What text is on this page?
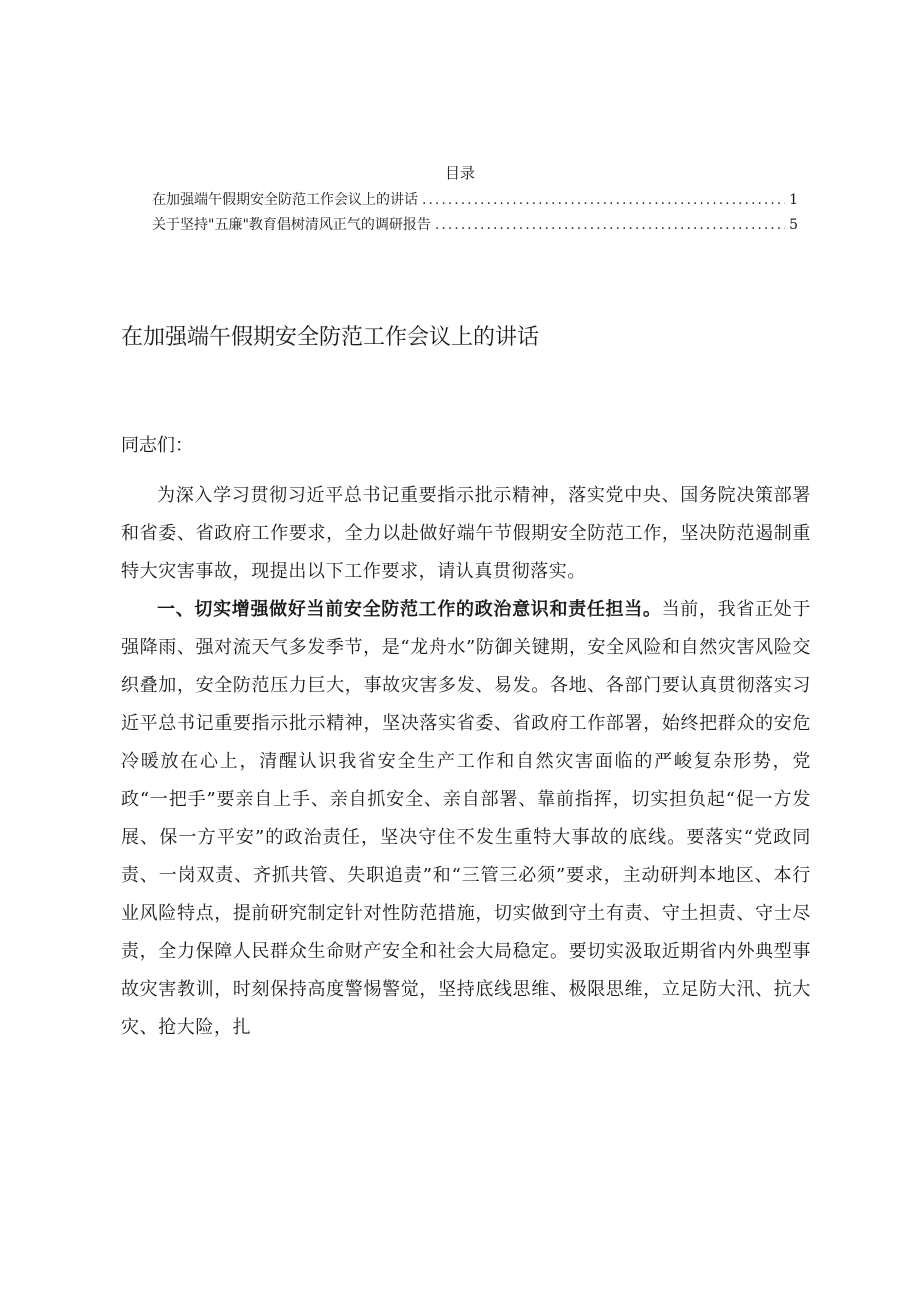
目录
在加强端午假期安全防范工作会议上的讲话 .....	1
关于坚持"五廉"教育倡树清风正气的调研报告 .....	5
在加强端午假期安全防范工作会议上的讲话
同志们：

为深入学习贯彻习近平总书记重要指示批示精神，落实党中央、国务院决策部署和省委、省政府工作要求，全力以赴做好端午节假期安全防范工作，坚决防范遏制重特大灾害事故，现提出以下工作要求，请认真贯彻落实。

一、切实增强做好当前安全防范工作的政治意识和责任担当。当前，我省正处于强降雨、强对流天气多发季节，是“龙舟水”防御关键期，安全风险和自然灾害风险交织叠加，安全防范压力巨大，事故灾害多发、易发。各地、各部门要认真贯彻落实习近平总书记重要指示批示精神，坚决落实省委、省政府工作部署，始终把群众的安危冷暖放在心上，清醒认识我省安全生产工作和自然灾害面临的严峻复杂形势，党政“一把手”要亲自上手、亲自抓安全、亲自部署、靠前指挥，切实担负起“促一方发展、保一方平安”的政治责任，坚决守住不发生重特大事故的底线。要落实“党政同责、一岗双责、齐抓共管、失职追责”和“三管三必须”要求，主动研判本地区、本行业风险特点，提前研究制定针对性防范措施，切实做到守土有责、守土担责、守士尽责，全力保障人民群众生命财产安全和社会大局稳定。要切实汲取近期省内外典型事故灾害教训，时刻保持高度警惕警觉，坚持底线思维、极限思维，立足防大汛、抗大灾、抢大险，扎
